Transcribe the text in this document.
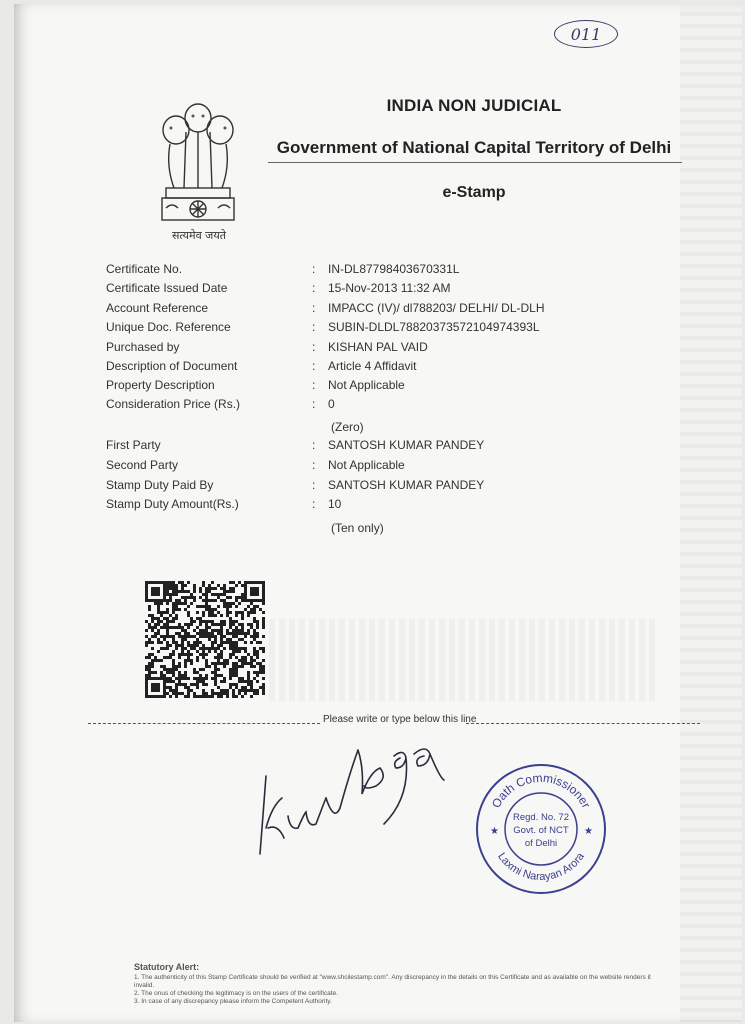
011
सत्यमेव जयते
INDIA NON JUDICIAL
Government of National Capital Territory of Delhi
e-Stamp
Certificate No.	: IN-DL87798403670331L
Certificate Issued Date	: 15-Nov-2013 11:32 AM
Account Reference	: IMPACC (IV)/ dl788203/ DELHI/ DL-DLH
Unique Doc. Reference	: SUBIN-DLDL78820373572104974393L
Purchased by	: KISHAN PAL VAID
Description of Document	: Article 4 Affidavit
Property Description	: Not Applicable
Consideration Price (Rs.)	: 0
(Zero)
First Party	: SANTOSH KUMAR PANDEY
Second Party	: Not Applicable
Stamp Duty Paid By	: SANTOSH KUMAR PANDEY
Stamp Duty Amount(Rs.)	: 10
(Ten only)
Please write or type below this line
Oath Commissioner
Laxmi Narayan Arora
★	★
Regd. No. 72
Govt. of NCT
of Delhi
Statutory Alert:
1. The authenticity of this Stamp Certificate should be verified at "www.shcilestamp.com". Any discrepancy in the details on this Certificate and as available on the website renders it invalid.
2. The onus of checking the legitimacy is on the users of the certificate.
3. In case of any discrepancy please inform the Competent Authority.
